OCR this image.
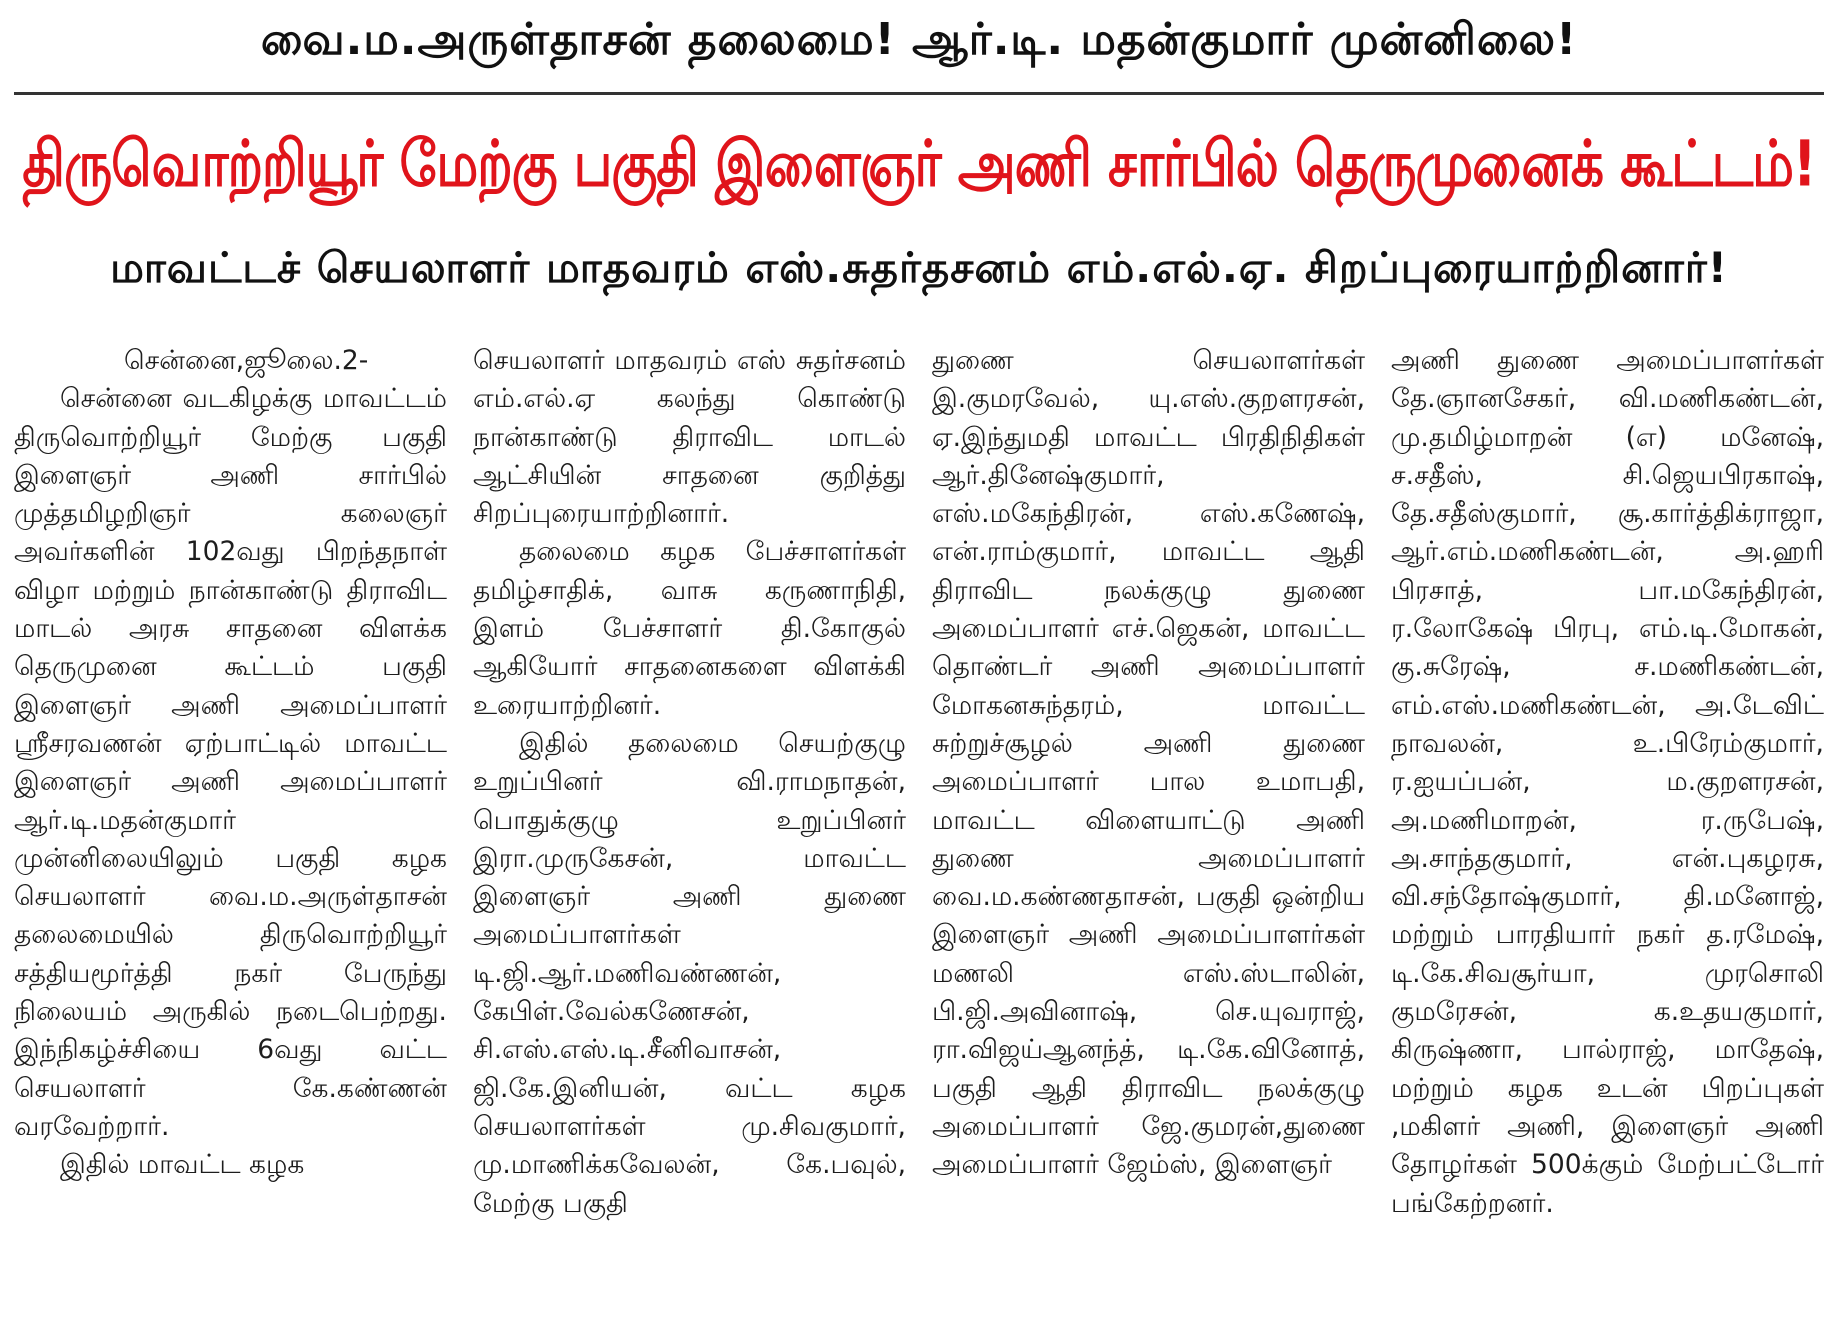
வை.ம.அருள்தாசன் தலைமை! ஆர்.டி. மதன்குமார் முன்னிலை!
திருவொற்றியூர் மேற்கு பகுதி இளைஞர் அணி சார்பில் தெருமுனைக் கூட்டம்!
மாவட்டச் செயலாளர் மாதவரம் எஸ்.சுதர்தசனம் எம்.எல்.ஏ. சிறப்புரையாற்றினார்!

சென்னை,ஜூலை.2-

சென்னை வடகிழக்கு மாவட்டம் திருவொற்றியூர் மேற்கு பகுதி இளைஞர் அணி சார்பில் முத்தமிழறிஞர் கலைஞர் அவர்களின் 102வது பிறந்தநாள் விழா மற்றும் நான்காண்டு திராவிட மாடல் அரசு சாதனை விளக்க தெருமுனை கூட்டம் பகுதி இளைஞர் அணி அமைப்பாளர் ஸ்ரீசரவணன் ஏற்பாட்டில் மாவட்ட இளைஞர் அணி அமைப்பாளர் ஆர்.டி.மதன்குமார் முன்னிலையிலும் பகுதி கழக செயலாளர் வை.ம.அருள்தாசன் தலைமையில் திருவொற்றியூர் சத்தியமூர்த்தி நகர் பேருந்து நிலையம் அருகில் நடைபெற்றது. இந்நிகழ்ச்சியை 6வது வட்ட செயலாளர் கே.கண்ணன் வரவேற்றார்.

இதில் மாவட்ட கழக

செயலாளர் மாதவரம் எஸ் சுதர்சனம் எம்.எல்.ஏ கலந்து கொண்டு நான்காண்டு திராவிட மாடல் ஆட்சியின் சாதனை குறித்து சிறப்புரையாற்றினார்.

தலைமை கழக பேச்சாளர்கள் தமிழ்சாதிக், வாசு கருணாநிதி, இளம் பேச்சாளர் தி.கோகுல் ஆகியோர் சாதனைகளை விளக்கி உரையாற்றினர்.

இதில் தலைமை செயற்குழு உறுப்பினர் வி.ராமநாதன், பொதுக்குழு உறுப்பினர் இரா.முருகேசன், மாவட்ட இளைஞர் அணி துணை அமைப்பாளர்கள் டி.ஜி.ஆர்.மணிவண்ணன், கேபிள்.வேல்கணேசன், சி.எஸ்.எஸ்.டி.சீனிவாசன், ஜி.கே.இனியன், வட்ட கழக செயலாளர்கள் மு.சிவகுமார், மு.மாணிக்கவேலன், கே.பவுல், மேற்கு பகுதி

துணை செயலாளர்கள் இ.குமரவேல், யு.எஸ்.குறளரசன், ஏ.இந்துமதி மாவட்ட பிரதிநிதிகள் ஆர்.தினேஷ்குமார், எஸ்.மகேந்திரன், எஸ்.கணேஷ், என்.ராம்குமார், மாவட்ட ஆதி திராவிட நலக்குழு துணை அமைப்பாளர் எச்.ஜெகன், மாவட்ட தொண்டர் அணி அமைப்பாளர் மோகனசுந்தரம், மாவட்ட சுற்றுச்சூழல் அணி துணை அமைப்பாளர் பால உமாபதி, மாவட்ட விளையாட்டு அணி துணை அமைப்பாளர் வை.ம.கண்ணதாசன், பகுதி ஒன்றிய இளைஞர் அணி அமைப்பாளர்கள் மணலி எஸ்.ஸ்டாலின், பி.ஜி.அவினாஷ், செ.யுவராஜ், ரா.விஜய்ஆனந்த், டி.கே.வினோத், பகுதி ஆதி திராவிட நலக்குழு அமைப்பாளர் ஜே.குமரன்,துணை அமைப்பாளர் ஜேம்ஸ், இளைஞர்

அணி துணை அமைப்பாளர்கள் தே.ஞானசேகர், வி.மணிகண்டன், மு.தமிழ்மாறன் (எ) மனேஷ், ச.சதீஸ், சி.ஜெயபிரகாஷ், தே.சதீஸ்குமார், சூ.கார்த்திக்ராஜா, ஆர்.எம்.மணிகண்டன், அ.ஹரி பிரசாத், பா.மகேந்திரன், ர.லோகேஷ் பிரபு, எம்.டி.மோகன், கு.சுரேஷ், ச.மணிகண்டன், எம்.எஸ்.மணிகண்டன், அ.டேவிட் நாவலன், உ.பிரேம்குமார், ர.ஐயப்பன், ம.குறளரசன், அ.மணிமாறன், ர.ருபேஷ், அ.சாந்தகுமார், என்.புகழரசு, வி.சந்தோஷ்குமார், தி.மனோஜ், மற்றும் பாரதியார் நகர் த.ரமேஷ், டி.கே.சிவசூர்யா, முரசொலி குமரேசன், க.உதயகுமார், கிருஷ்ணா, பால்ராஜ், மாதேஷ், மற்றும் கழக உடன் பிறப்புகள் ,மகிளர் அணி, இளைஞர் அணி தோழர்கள் 500க்கும் மேற்பட்டோர் பங்கேற்றனர்.
